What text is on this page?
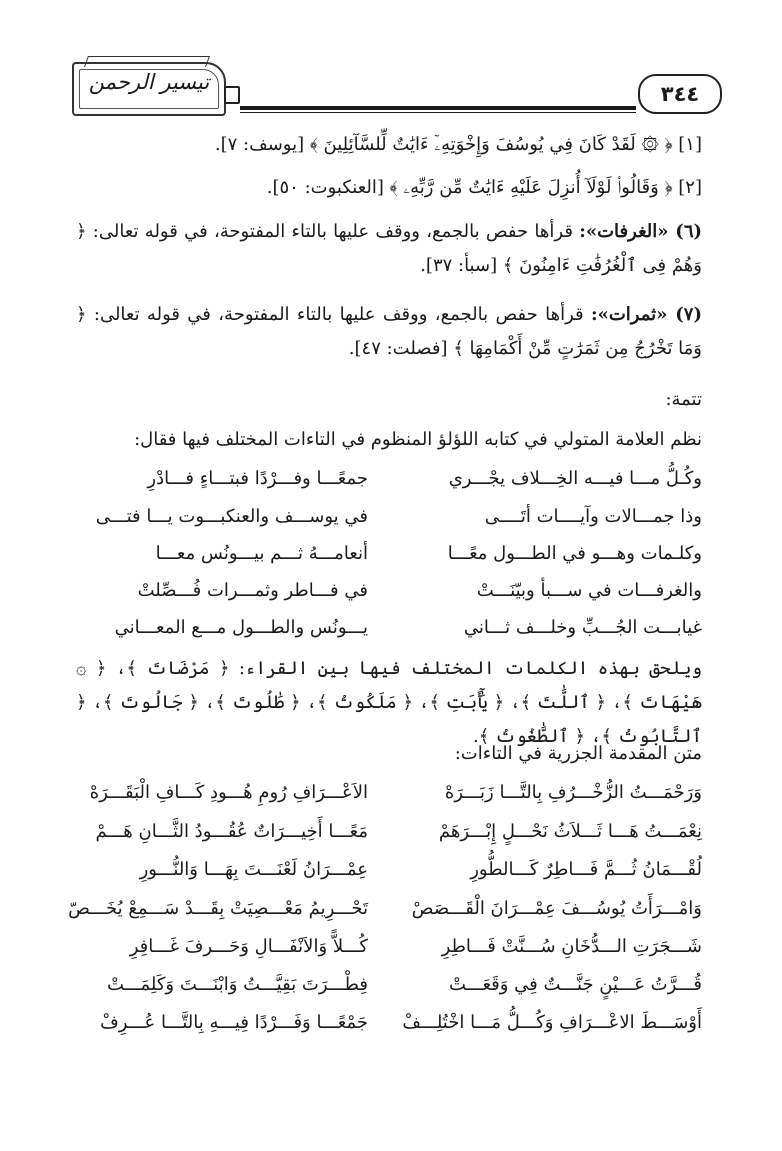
تيسير الرحمن	٣٤٤
[١] ﴿ ۞ لَقَدْ كَانَ فِي يُوسُفَ وَإِخْوَتِهِۦٓ ءَايَٰتٌ لِّلسَّآئِلِينَ ﴾ [يوسف: ٧].
[٢] ﴿ وَقَالُوا۟ لَوْلَآ أُنزِلَ عَلَيْهِ ءَايَٰتٌ مِّن رَّبِّهِۦ ﴾ [العنكبوت: ٥٠].
(٦) «الغرفات»: قرأها حفص بالجمع، ووقف عليها بالتاء المفتوحة، في قوله تعالى: ﴿ وَهُمْ فِى ٱلْغُرُفَٰتِ ءَامِنُونَ ﴾ [سبأ: ٣٧].
(٧) «ثمرات»: قرأها حفص بالجمع، ووقف عليها بالتاء المفتوحة، في قوله تعالى: ﴿ وَمَا تَخْرُجُ مِن ثَمَرَٰتٍ مِّنْ أَكْمَامِهَا ﴾ [فصلت: ٤٧].
تتمة:
نظم العلامة المتولي في كتابه اللؤلؤ المنظوم في التاءات المختلف فيها فقال:
وكُـلُّ مـــا فيـــه الخِـــلاف يجْـــري
جمعًـــا وفـــرْدًا فبتـــاءٍ فـــادْرِ
وذا جمـــالات وآيــــات أتَــــى
في يوســـف والعنكبـــوت يـــا فتـــى
وكلـمات وهـــو في الطـــول معًـــا
أنعامـــهُ ثـــم بيـــونُس معـــا
والغرفـــات في ســـبأ وبيّنَـــتْ
في فـــاطر وثمـــرات فُـــصِّلتْ
غيابـــت الجُـــبِّ وخلـــف ثـــاني
يـــونُس والطـــول مـــع المعـــاني
ويلحق بهذه الكلمات المختلف فيها بين القراء: ﴿ مَرْضَاتَ ﴾، ﴿ ۞ هَيْهَاتَ ﴾، ﴿ ٱللَّٰتَ ﴾، ﴿ يَٰٓأَبَتِ ﴾، ﴿ مَلَكُوتُ ﴾، ﴿ طَٰلُوتَ ﴾، ﴿ جَالُوتَ ﴾، ﴿ ٱلتَّابُوتُ ﴾، ﴿ ٱلطَّٰغُوتُ ﴾.
متن المقدمة الجزرية في التاءات:
وَرَحْمَـــتُ الزُّخْـــرُفِ بِالتَّـــا زَبَـــرَهْ
الاَعْـــرَافِ رُومِ هُـــودِ كَـــافِ الْبَقَـــرَهْ
نِعْمَـــتُ هَـــا ثَـــلاَثُ نَحْـــلٍ إِبْـــرَهَمْ
مَعًـــا أَخِيـــرَاتٌ عُقُـــودُ الثَّـــانِ هَـــمْ
لُقْـــمَانُ ثُـــمَّ فَـــاطِرٌ كَـــالطُّورِ
عِمْـــرَانُ لَعْنَـــتَ بِهَـــا وَالنُّـــورِ
وَامْـــرَأَتُ يُوسُـــفَ عِمْـــرَانَ الْقَـــصَصْ
تَحْـــرِيمُ مَعْـــصِيَتْ بِقَـــدْ سَـــمِعْ يُخَـــصّ
شَـــجَرَتِ الـــدُّخَانِ سُـــنَّتْ فَـــاطِرِ
كُـــلاًّ وَالاَنْفَـــالِ وَحَـــرفَ غَـــافِرِ
قُـــرَّتُ عَـــيْنٍ جَنَّـــتٌ فِي وَقَعَـــتْ
فِطْـــرَتَ بَقِيَّـــتُ وَابْنَـــتَ وَكَلِمَـــتْ
أَوْسَـــطَ الاعْـــرَافِ وَكُـــلُّ مَـــا اخْتُلِـــفْ
جَمْعًـــا وَفَـــرْدًا فِيـــهِ بِالتَّـــا عُـــرِفْ
